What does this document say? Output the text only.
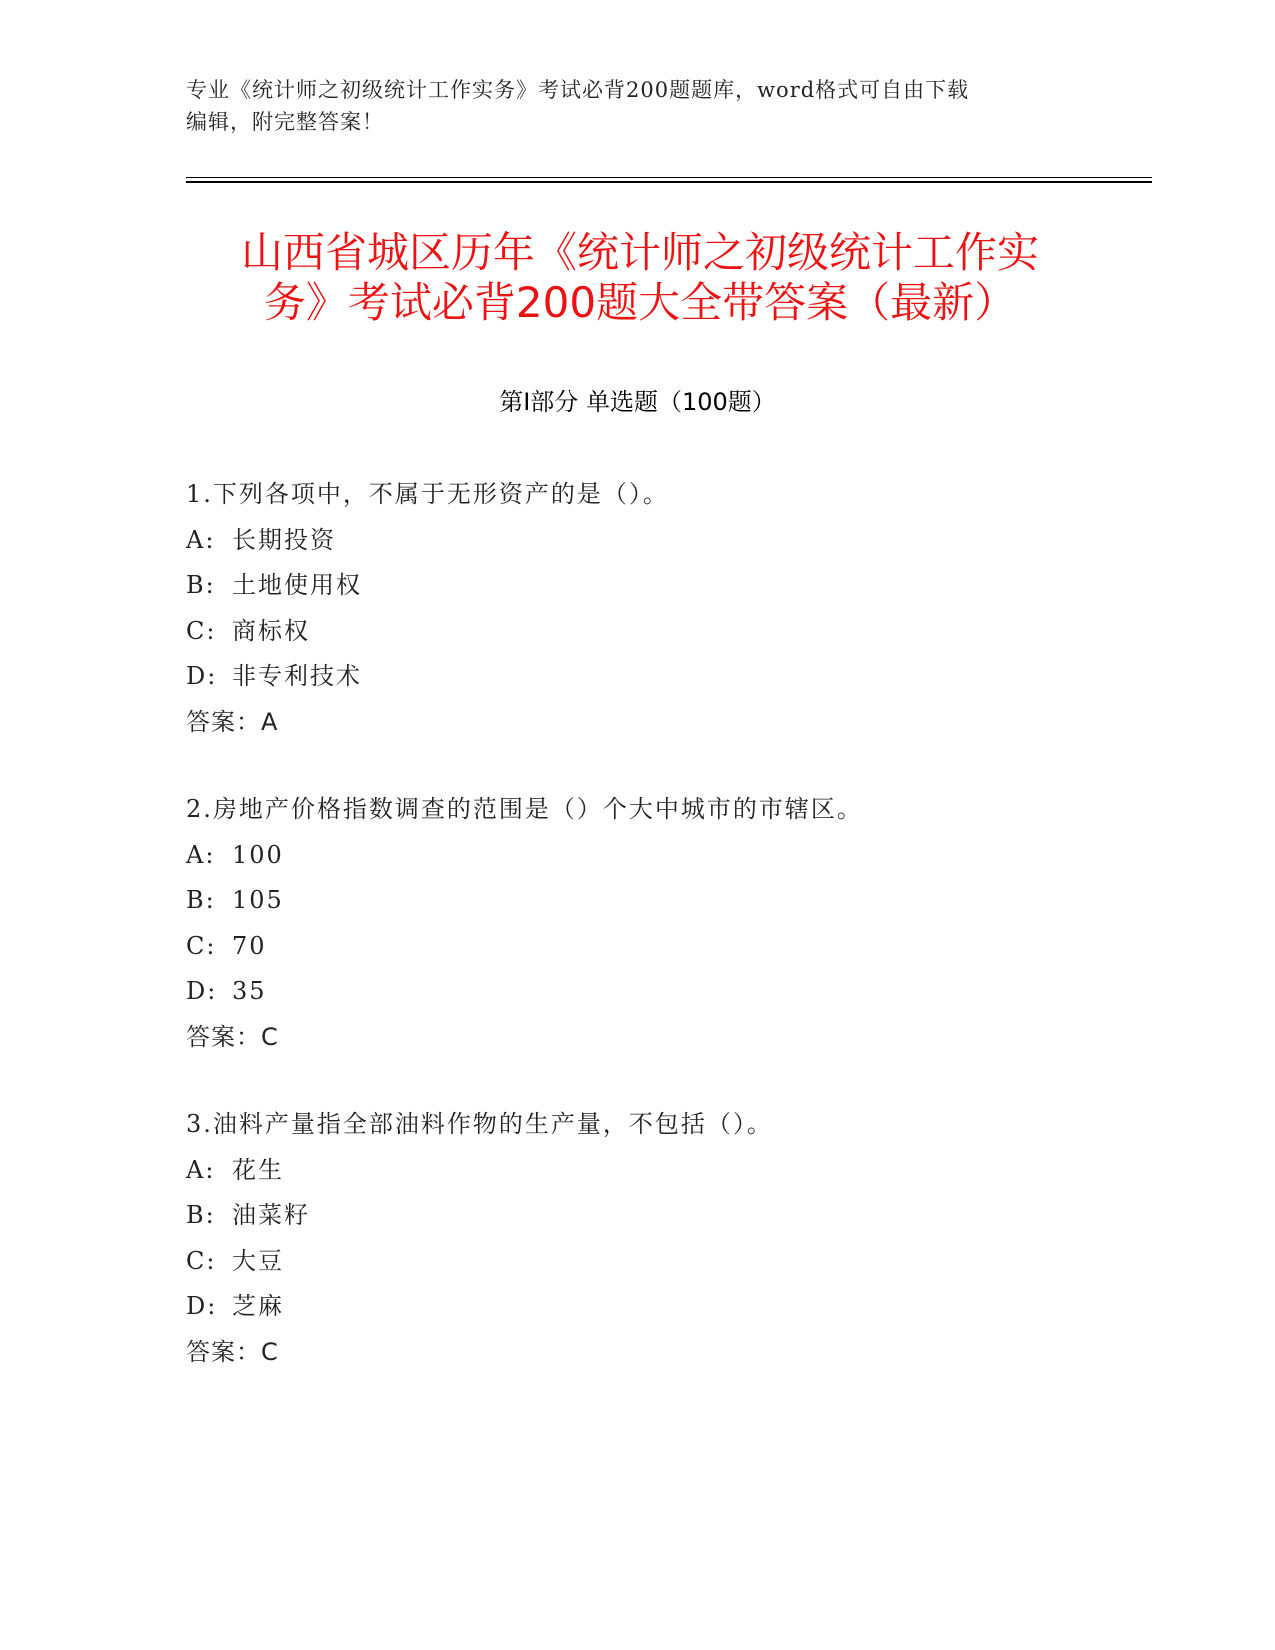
专业《统计师之初级统计工作实务》考试必背200题题库，word格式可自由下载
编辑，附完整答案！
山西省城区历年《统计师之初级统计工作实
务》考试必背200题大全带答案（最新）
第Ⅰ部分 单选题（100题）
1.下列各项中，不属于无形资产的是（）。
A: 长期投资
B: 土地使用权
C: 商标权
D: 非专利技术
答案：A
2.房地产价格指数调查的范围是（）个大中城市的市辖区。
A: 100
B: 105
C: 70
D: 35
答案：C
3.油料产量指全部油料作物的生产量，不包括（）。
A: 花生
B: 油菜籽
C: 大豆
D: 芝麻
答案：C
